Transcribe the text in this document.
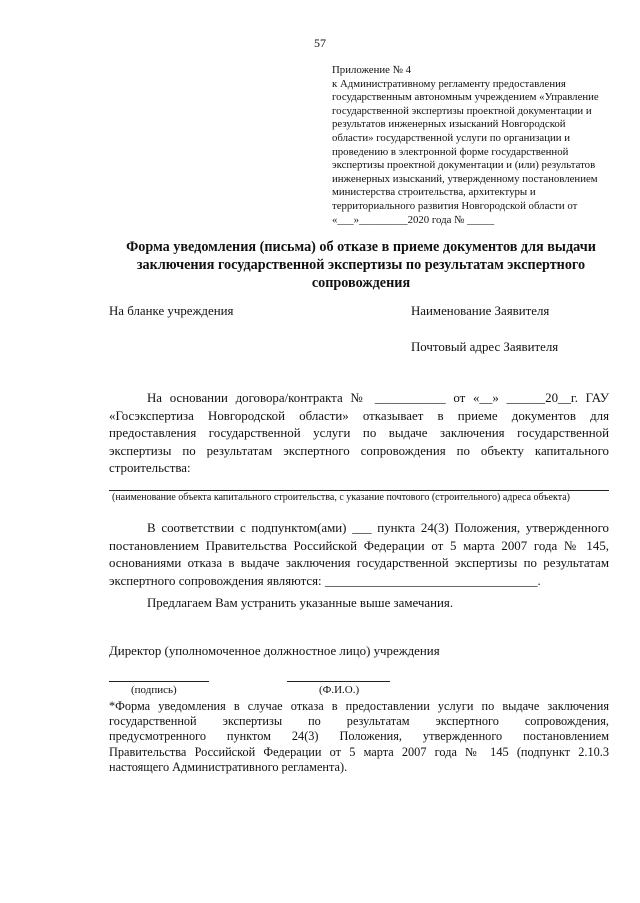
57
Приложение № 4
к Административному регламенту предоставления
государственным автономным учреждением «Управление
государственной экспертизы проектной документации и
результатов инженерных изысканий Новгородской
области» государственной услуги по организации и
проведению в электронной форме государственной
экспертизы проектной документации и (или) результатов
инженерных изысканий, утвержденному постановлением
министерства строительства, архитектуры и
территориального развития Новгородской области от
«___»_________2020 года № _____
Форма уведомления (письма) об отказе в приеме документов для выдачи
заключения государственной экспертизы по результатам экспертного
сопровождения
На бланке учреждения	Наименование Заявителя
Почтовый адрес Заявителя
На основании договора/контракта № ___________ от «__» ______20__г. ГАУ
«Госэкспертиза Новгородской области» отказывает в приеме документов для
предоставления государственной услуги по выдаче заключения государственной
экспертизы по результатам экспертного сопровождения по объекту капитального
строительства:
(наименование объекта капитального строительства, с указание почтового (строительного) адреса объекта)
В соответствии с подпунктом(ами) ___ пункта 24(3) Положения, утвержденного
постановлением Правительства Российской Федерации от 5 марта 2007 года № 145,
основаниями отказа в выдаче заключения государственной экспертизы по результатам
экспертного сопровождения являются: _________________________________.
Предлагаем Вам устранить указанные выше замечания.
Директор (уполномоченное должностное лицо) учреждения
(подпись)	(Ф.И.О.)
*Форма уведомления в случае отказа в предоставлении услуги по выдаче заключения
государственной экспертизы по результатам экспертного сопровождения,
предусмотренного пунктом 24(3) Положения, утвержденного постановлением
Правительства Российской Федерации от 5 марта 2007 года № 145 (подпункт 2.10.3
настоящего Административного регламента).
